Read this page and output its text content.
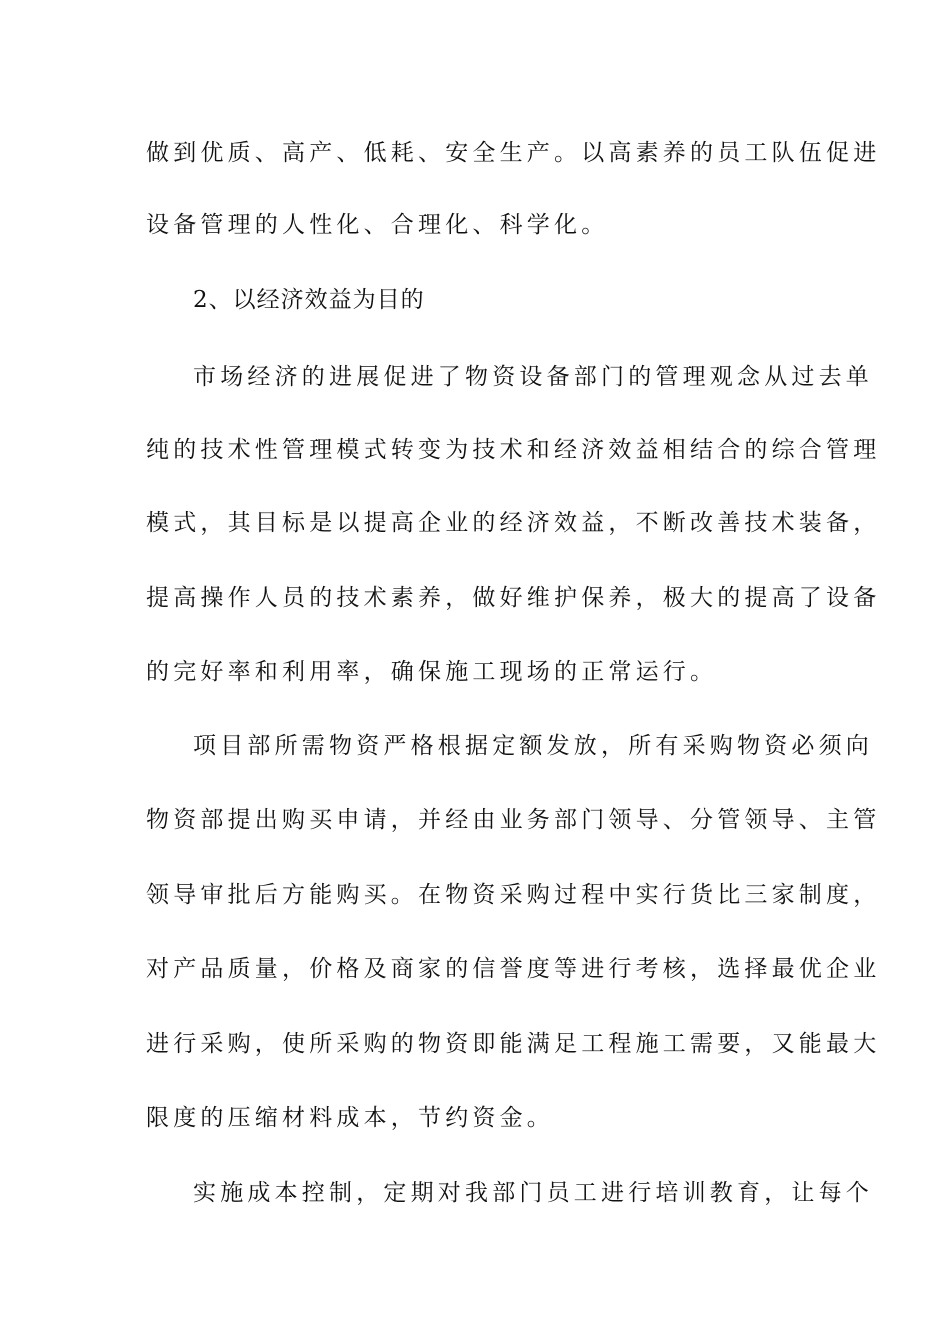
做到优质、高产、低耗、安全生产。以高素养的员工队伍促进
设备管理的人性化、合理化、科学化。
2、以经济效益为目的
市场经济的进展促进了物资设备部门的管理观念从过去单
纯的技术性管理模式转变为技术和经济效益相结合的综合管理
模式，其目标是以提高企业的经济效益，不断改善技术装备，
提高操作人员的技术素养，做好维护保养，极大的提高了设备
的完好率和利用率，确保施工现场的正常运行。
项目部所需物资严格根据定额发放，所有采购物资必须向
物资部提出购买申请，并经由业务部门领导、分管领导、主管
领导审批后方能购买。在物资采购过程中实行货比三家制度，
对产品质量，价格及商家的信誉度等进行考核，选择最优企业
进行采购，使所采购的物资即能满足工程施工需要，又能最大
限度的压缩材料成本，节约资金。
实施成本控制，定期对我部门员工进行培训教育，让每个
